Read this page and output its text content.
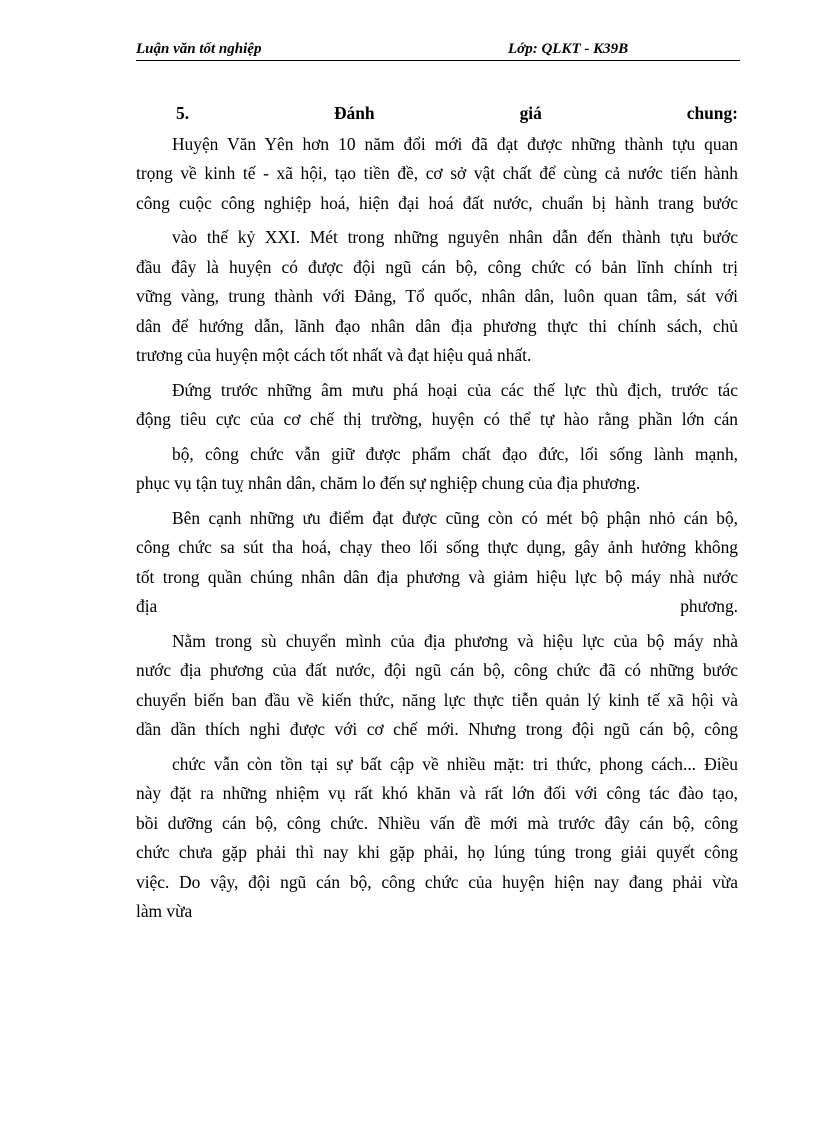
Luận văn tốt nghiệp	Lớp: QLKT - K39B
5.	Đánh	giá	chung:
Huyện Văn Yên hơn 10 năm đổi mới đã đạt được những thành tựu quan
trọng về kinh tế - xã hội, tạo tiền đề, cơ sở vật chất để cùng cả nước tiến hành
công cuộc công nghiệp hoá, hiện đại hoá đất nước, chuẩn bị hành trang bước
vào thế kỷ XXI. Mét trong những nguyên nhân dẫn đến thành tựu bước
đầu đây là huyện có được đội ngũ cán bộ, công chức có bản lĩnh chính trị
vững vàng, trung thành với Đảng, Tổ quốc, nhân dân, luôn quan tâm, sát với
dân để hướng dẫn, lãnh đạo nhân dân địa phương thực thi chính sách, chủ
trương của huyện một cách tốt nhất và đạt hiệu quả nhất.
Đứng trước những âm mưu phá hoại của các thế lực thù địch, trước tác
động tiêu cực của cơ chế thị trường, huyện có thể tự hào rằng phần lớn cán
bộ, công chức vẫn giữ được phẩm chất đạo đức, lối sống lành mạnh,
phục vụ tận tuỵ nhân dân, chăm lo đến sự nghiệp chung của địa phương.
Bên cạnh những ưu điểm đạt được cũng còn có mét bộ phận nhỏ cán bộ,
công chức sa sút tha hoá, chạy theo lối sống thực dụng, gây ảnh hưởng không
tốt trong quần chúng nhân dân địa phương và giảm hiệu lực bộ máy nhà nước
địa phương.
Nằm trong sù chuyển mình của địa phương và hiệu lực của bộ máy nhà
nước địa phương của đất nước, đội ngũ cán bộ, công chức đã có những bước
chuyển biến ban đầu về kiến thức, năng lực thực tiễn quản lý kinh tế xã hội và
dần dần thích nghi được với cơ chế mới. Nhưng trong đội ngũ cán bộ, công
chức vẫn còn tồn tại sự bất cập về nhiều mặt: tri thức, phong cách... Điều
này đặt ra những nhiệm vụ rất khó khăn và rất lớn đối với công tác đào tạo,
bồi dưỡng cán bộ, công chức. Nhiều vấn đề mới mà trước đây cán bộ, công
chức chưa gặp phải thì nay khi gặp phải, họ lúng túng trong giải quyết công
việc. Do vậy, đội ngũ cán bộ, công chức của huyện hiện nay đang phải vừa
làm vừa
